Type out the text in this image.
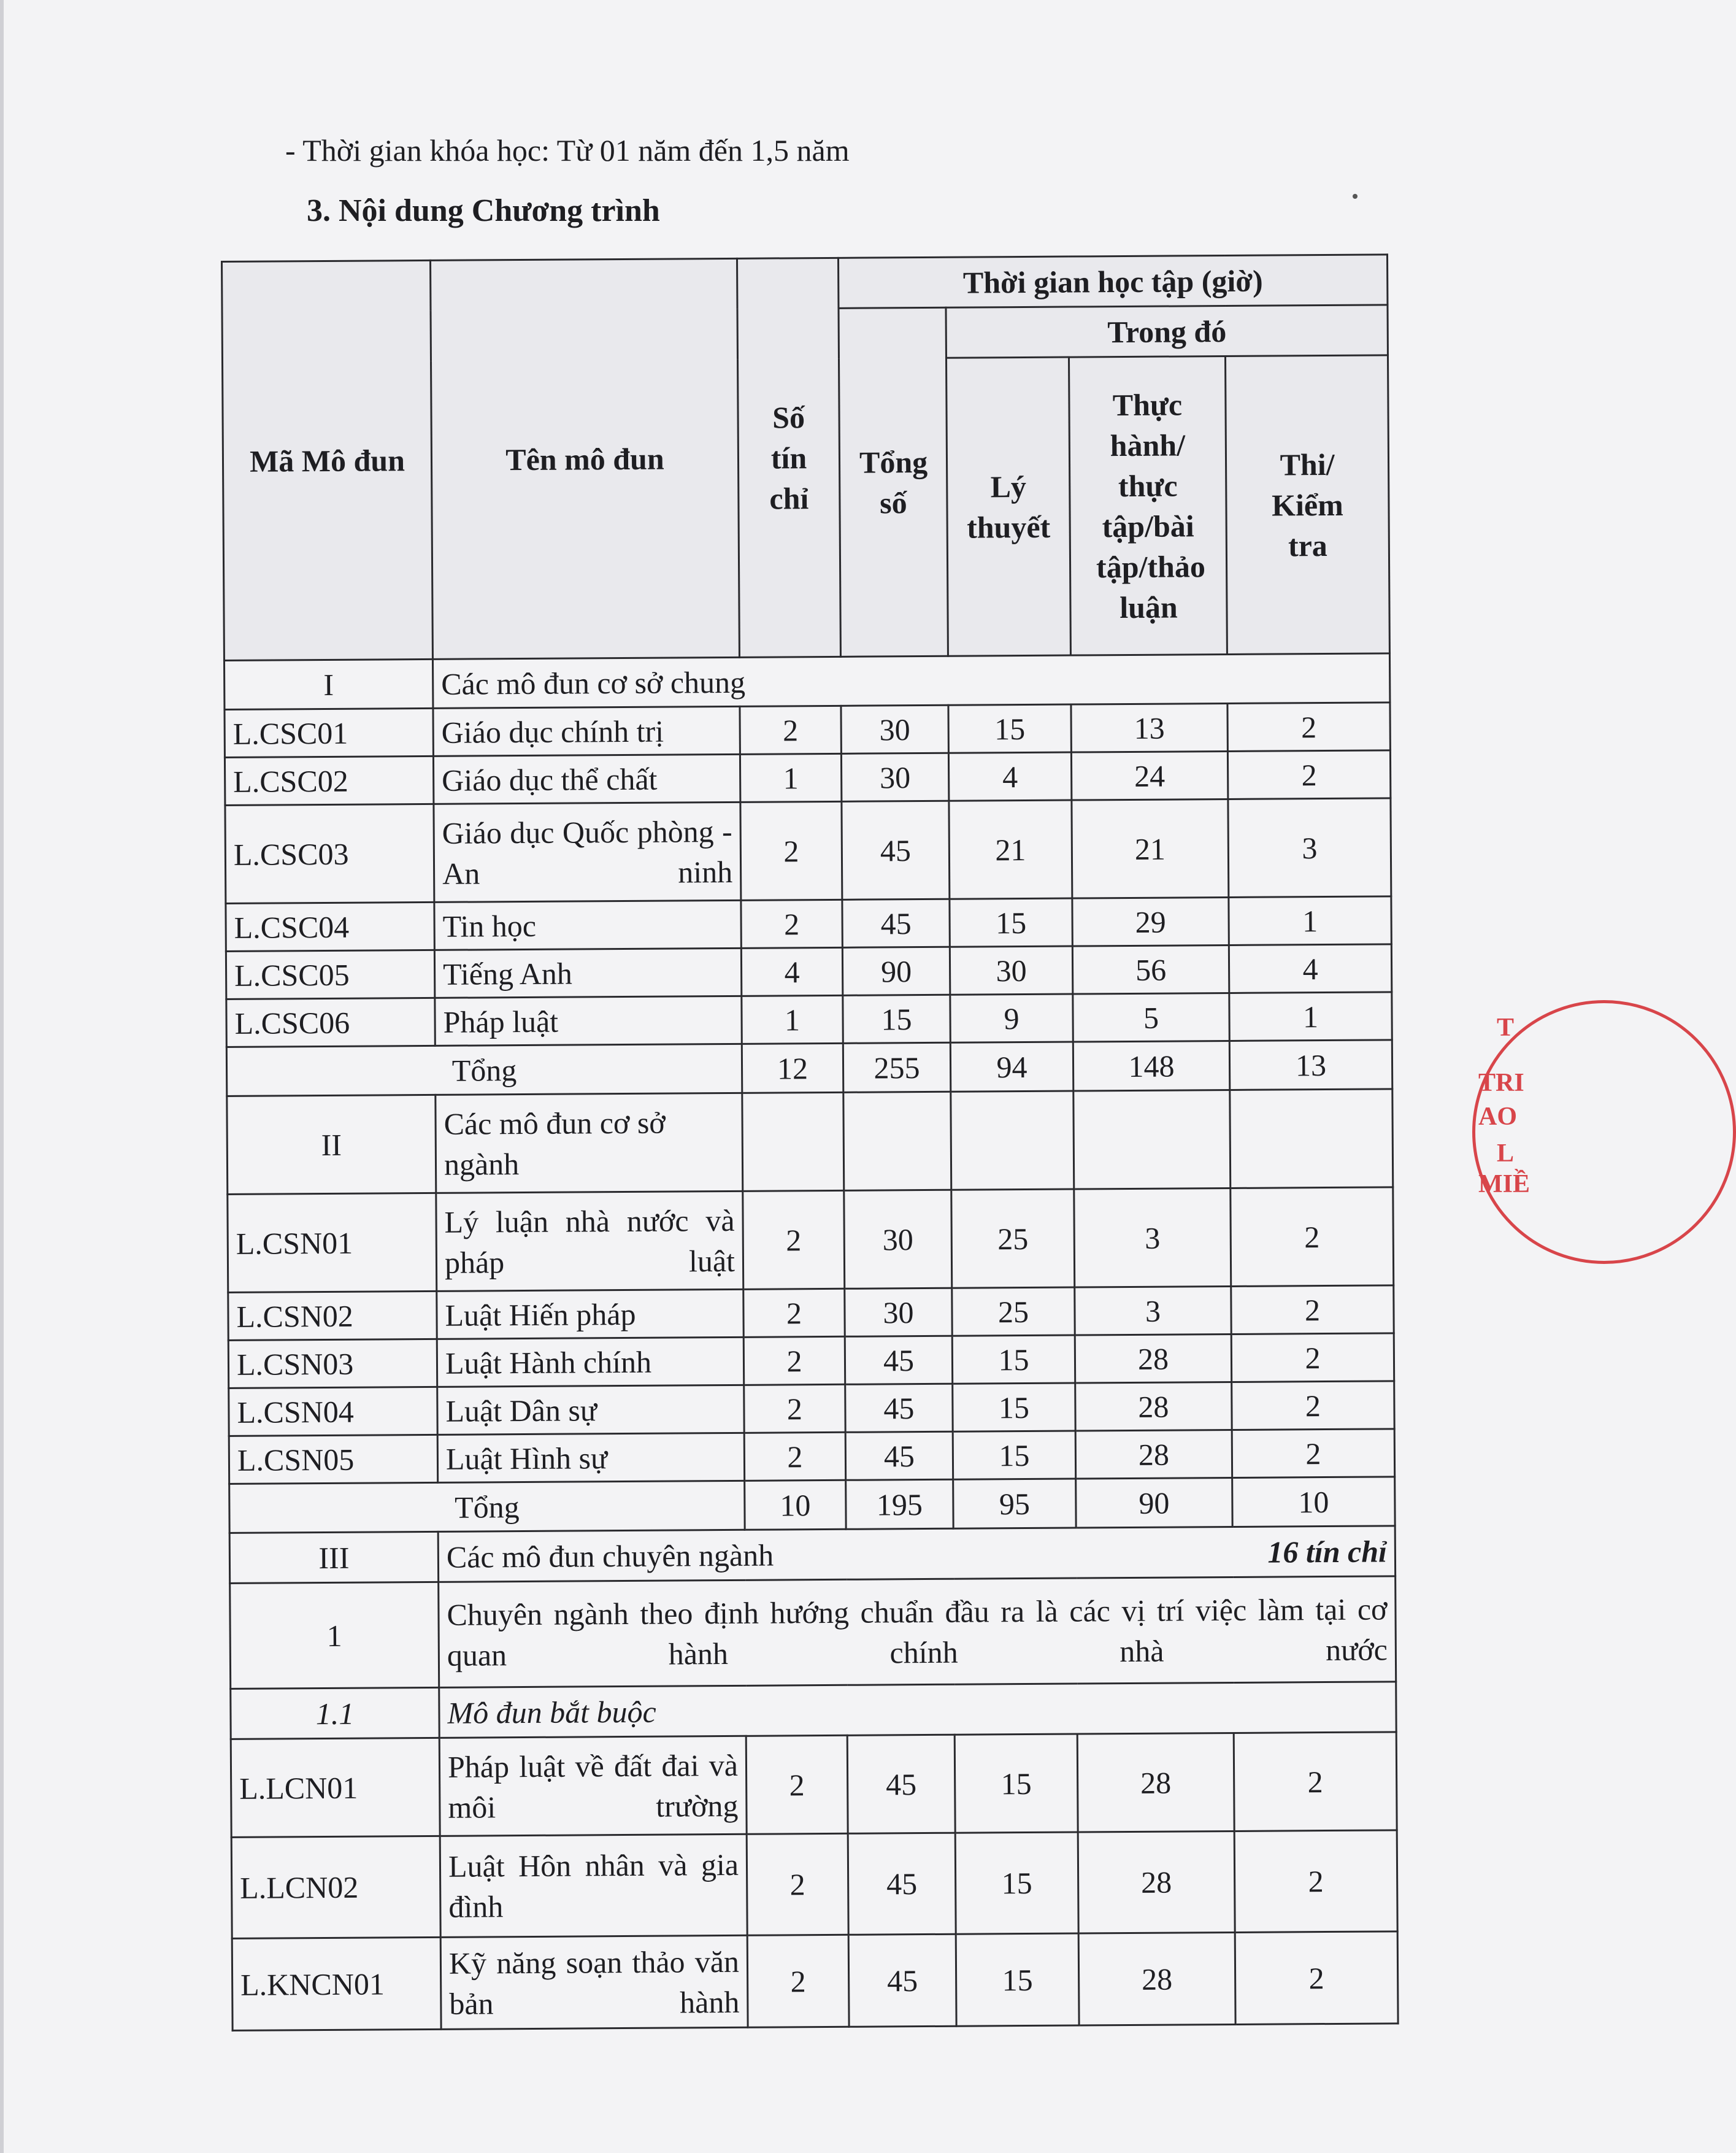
- Thời gian khóa học: Từ 01 năm đến 1,5 năm
3. Nội dung Chương trình
Mã Mô đun	Tên mô đun	Số tín chỉ	Thời gian học tập (giờ)			
			Tổng số	Trong đó		
				Lý thuyết	Thực hành/ thực tập/bài tập/thảo luận	Thi/ Kiểm tra
I	Các mô đun cơ sở chung					
L.CSC01	Giáo dục chính trị	2	30	15	13	2
L.CSC02	Giáo dục thể chất	1	30	4	24	2
L.CSC03	Giáo dục Quốc phòng - An ninh	2	45	21	21	3
L.CSC04	Tin học	2	45	15	29	1
L.CSC05	Tiếng Anh	4	90	30	56	4
L.CSC06	Pháp luật	1	15	9	5	1
Tổng		12	255	94	148	13
II	Các mô đun cơ sở ngành					
L.CSN01	Lý luận nhà nước và pháp luật	2	30	25	3	2
L.CSN02	Luật Hiến pháp	2	30	25	3	2
L.CSN03	Luật Hành chính	2	45	15	28	2
L.CSN04	Luật Dân sự	2	45	15	28	2
L.CSN05	Luật Hình sự	2	45	15	28	2
Tổng		10	195	95	90	10
III	Các mô đun chuyên ngành 16 tín chỉ					

1	Chuyên ngành theo định hướng chuẩn đầu ra là các vị trí việc làm tại cơ quan hành chính nhà nước					
1.1	Mô đun bắt buộc					
L.LCN01	Pháp luật về đất đai và môi trường	2	45	15	28	2
L.LCN02	Luật Hôn nhân và gia đình	2	45	15	28	2
L.KNCN01	Kỹ năng soạn thảo văn bản hành	2	45	15	28	2
T
TRI
AO
L
MIỀ
